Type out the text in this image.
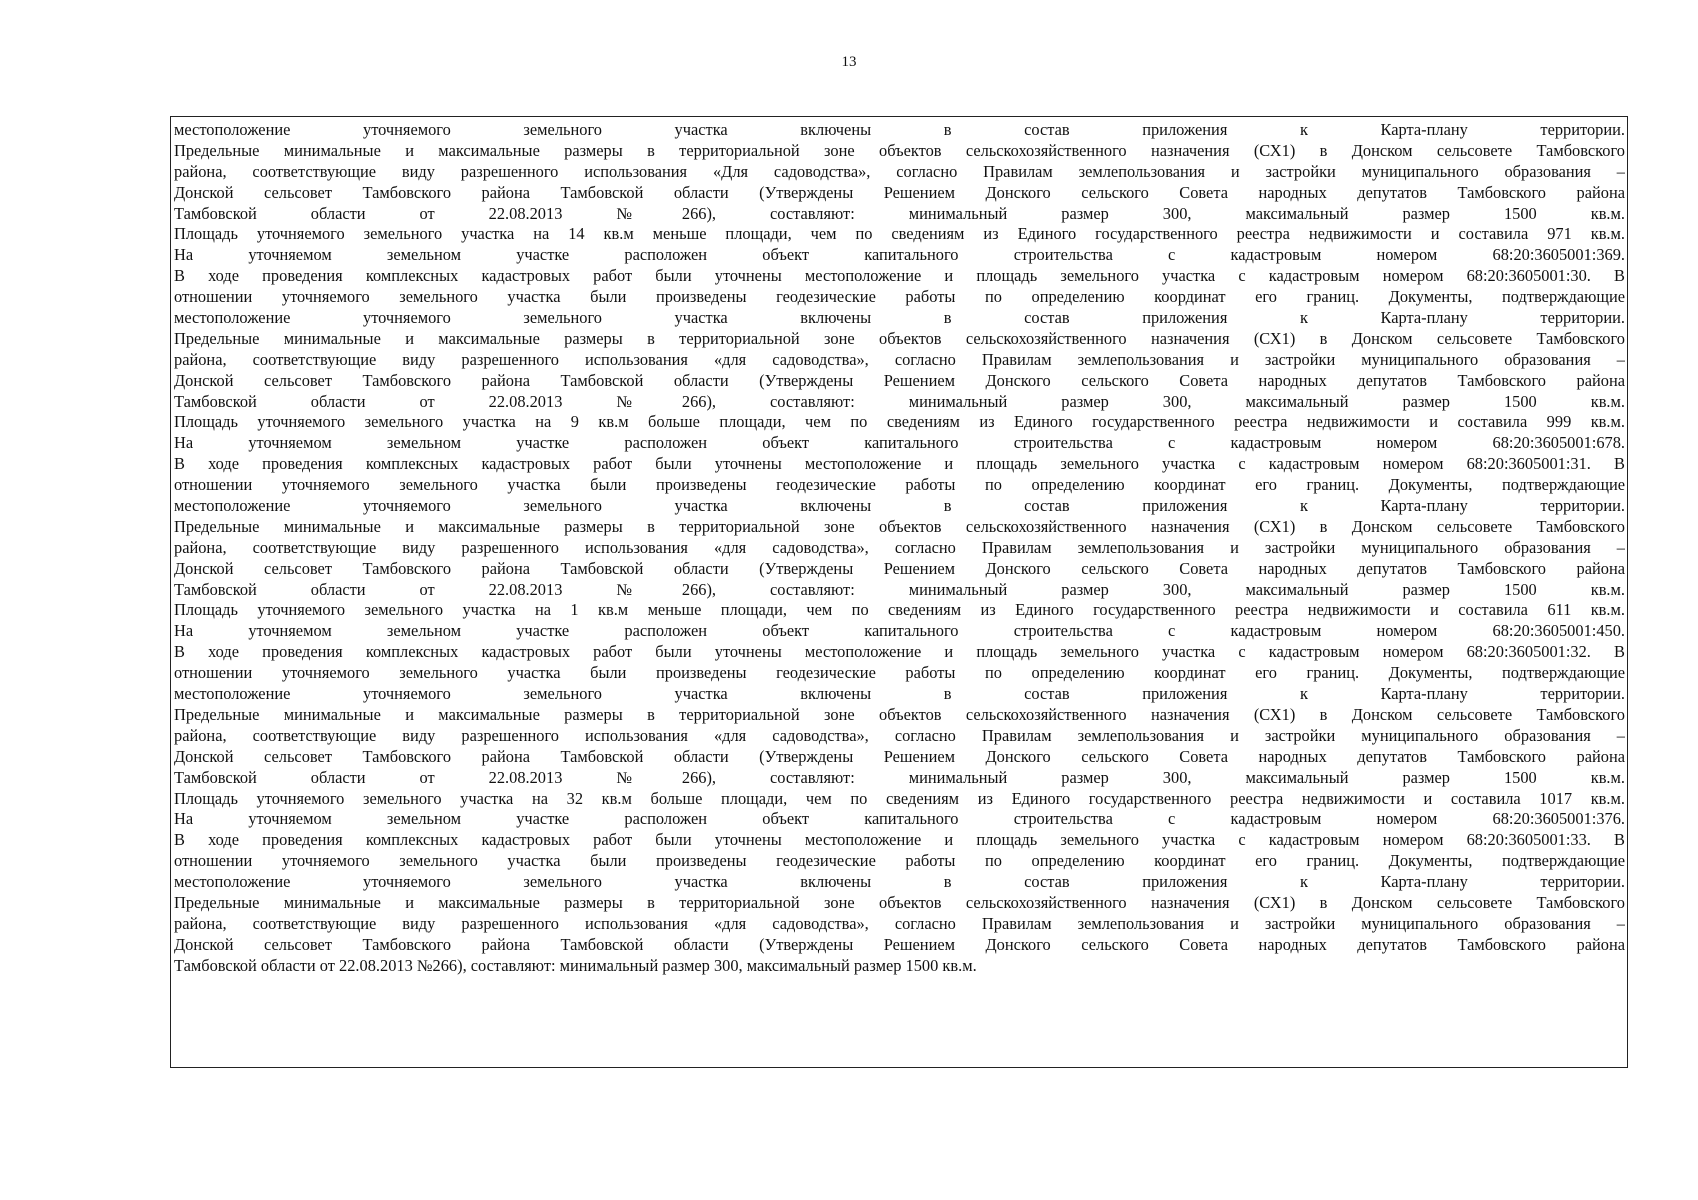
13
местоположение уточняемого земельного участка включены в состав приложения к Карта-плану территории.
Предельные минимальные и максимальные размеры в территориальной зоне объектов сельскохозяйственного назначения (СХ1) в Донском сельсовете Тамбовского
района, соответствующие виду разрешенного использования «Для садоводства», согласно Правилам землепользования и застройки муниципального образования –
Донской сельсовет Тамбовского района Тамбовской области (Утверждены Решением Донского сельского Совета народных депутатов Тамбовского района
Тамбовской области от 22.08.2013 №266), составляют: минимальный размер 300, максимальный размер 1500 кв.м.
Площадь уточняемого земельного участка на 14 кв.м меньше площади, чем по сведениям из Единого государственного реестра недвижимости и составила 971 кв.м.
На уточняемом земельном участке расположен объект капитального строительства с кадастровым номером 68:20:3605001:369.
В ходе проведения комплексных кадастровых работ были уточнены местоположение и площадь земельного участка с кадастровым номером 68:20:3605001:30. В
отношении уточняемого земельного участка были произведены геодезические работы по определению координат его границ. Документы, подтверждающие
местоположение уточняемого земельного участка включены в состав приложения к Карта-плану территории.
Предельные минимальные и максимальные размеры в территориальной зоне объектов сельскохозяйственного назначения (СХ1) в Донском сельсовете Тамбовского
района, соответствующие виду разрешенного использования «для садоводства», согласно Правилам землепользования и застройки муниципального образования –
Донской сельсовет Тамбовского района Тамбовской области (Утверждены Решением Донского сельского Совета народных депутатов Тамбовского района
Тамбовской области от 22.08.2013 №266), составляют: минимальный размер 300, максимальный размер 1500 кв.м.
Площадь уточняемого земельного участка на 9 кв.м больше площади, чем по сведениям из Единого государственного реестра недвижимости и составила 999 кв.м.
На уточняемом земельном участке расположен объект капитального строительства с кадастровым номером 68:20:3605001:678.
В ходе проведения комплексных кадастровых работ были уточнены местоположение и площадь земельного участка с кадастровым номером 68:20:3605001:31. В
отношении уточняемого земельного участка были произведены геодезические работы по определению координат его границ. Документы, подтверждающие
местоположение уточняемого земельного участка включены в состав приложения к Карта-плану территории.
Предельные минимальные и максимальные размеры в территориальной зоне объектов сельскохозяйственного назначения (СХ1) в Донском сельсовете Тамбовского
района, соответствующие виду разрешенного использования «для садоводства», согласно Правилам землепользования и застройки муниципального образования –
Донской сельсовет Тамбовского района Тамбовской области (Утверждены Решением Донского сельского Совета народных депутатов Тамбовского района
Тамбовской области от 22.08.2013 №266), составляют: минимальный размер 300, максимальный размер 1500 кв.м.
Площадь уточняемого земельного участка на 1 кв.м меньше площади, чем по сведениям из Единого государственного реестра недвижимости и составила 611 кв.м.
На уточняемом земельном участке расположен объект капитального строительства с кадастровым номером 68:20:3605001:450.
В ходе проведения комплексных кадастровых работ были уточнены местоположение и площадь земельного участка с кадастровым номером 68:20:3605001:32. В
отношении уточняемого земельного участка были произведены геодезические работы по определению координат его границ. Документы, подтверждающие
местоположение уточняемого земельного участка включены в состав приложения к Карта-плану территории.
Предельные минимальные и максимальные размеры в территориальной зоне объектов сельскохозяйственного назначения (СХ1) в Донском сельсовете Тамбовского
района, соответствующие виду разрешенного использования «для садоводства», согласно Правилам землепользования и застройки муниципального образования –
Донской сельсовет Тамбовского района Тамбовской области (Утверждены Решением Донского сельского Совета народных депутатов Тамбовского района
Тамбовской области от 22.08.2013 №266), составляют: минимальный размер 300, максимальный размер 1500 кв.м.
Площадь уточняемого земельного участка на 32 кв.м больше площади, чем по сведениям из Единого государственного реестра недвижимости и составила 1017 кв.м.
На уточняемом земельном участке расположен объект капитального строительства с кадастровым номером 68:20:3605001:376.
В ходе проведения комплексных кадастровых работ были уточнены местоположение и площадь земельного участка с кадастровым номером 68:20:3605001:33. В
отношении уточняемого земельного участка были произведены геодезические работы по определению координат его границ. Документы, подтверждающие
местоположение уточняемого земельного участка включены в состав приложения к Карта-плану территории.
Предельные минимальные и максимальные размеры в территориальной зоне объектов сельскохозяйственного назначения (СХ1) в Донском сельсовете Тамбовского
района, соответствующие виду разрешенного использования «для садоводства», согласно Правилам землепользования и застройки муниципального образования –
Донской сельсовет Тамбовского района Тамбовской области (Утверждены Решением Донского сельского Совета народных депутатов Тамбовского района
Тамбовской области от 22.08.2013 №266), составляют: минимальный размер 300, максимальный размер 1500 кв.м.
